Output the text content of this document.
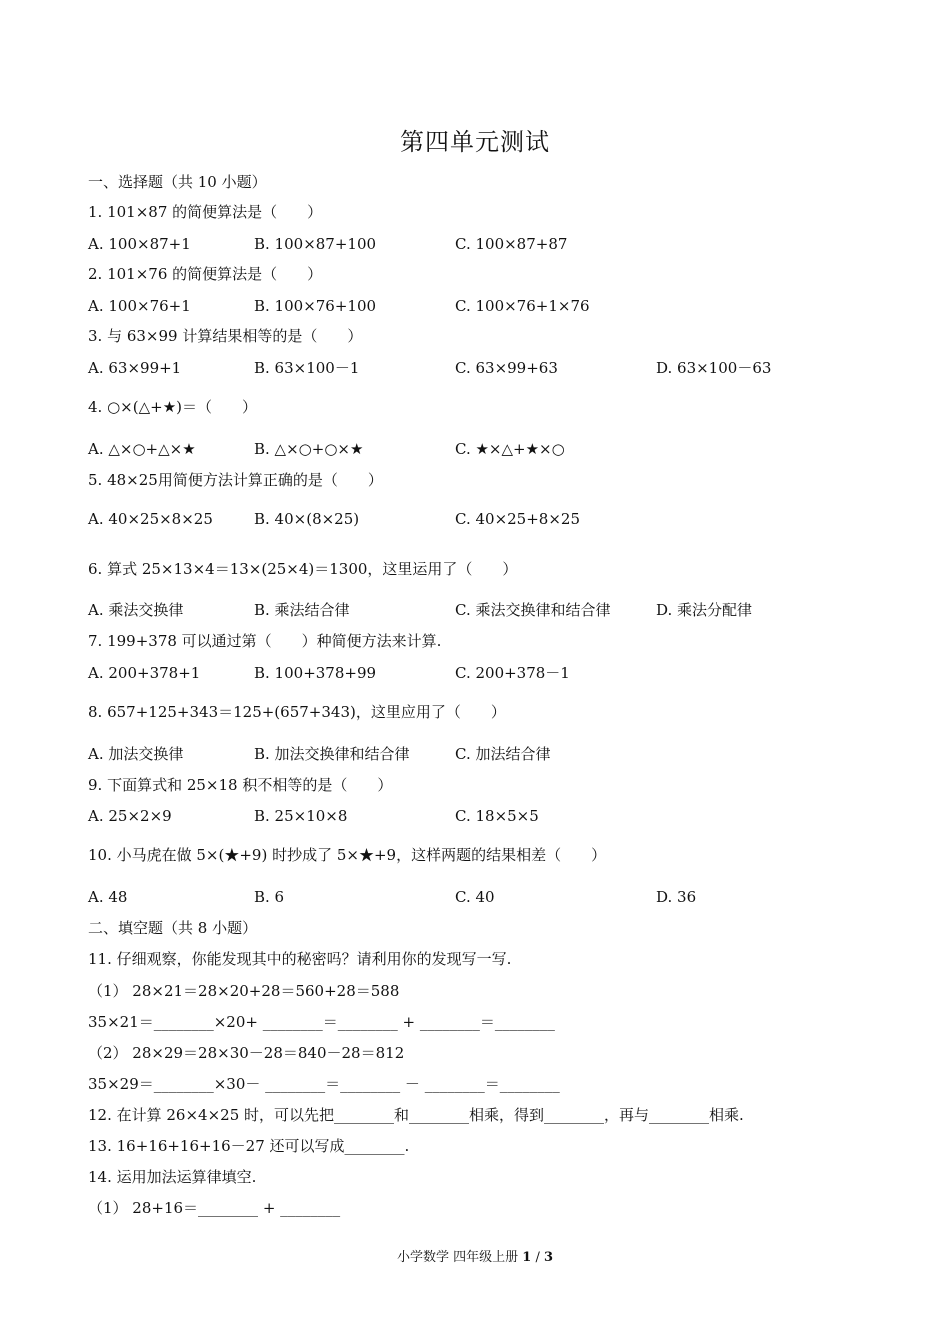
第四单元测试
一、选择题（共 10 小题）
1. 101×87 的简便算法是（　　）
A. 100×87+1	B. 100×87+100	C. 100×87+87
2. 101×76 的简便算法是（　　）
A. 100×76+1	B. 100×76+100	C. 100×76+1×76
3. 与 63×99 计算结果相等的是（　　）
A. 63×99+1	B. 63×100－1	C. 63×99+63	D. 63×100－63
4. ○×(△+★)＝（　　）
A. △×○+△×★	B. △×○+○×★	C. ★×△+★×○
5. 48×25用简便方法计算正确的是（　　）
A. 40×25×8×25	B. 40×(8×25)	C. 40×25+8×25
6. 算式 25×13×4＝13×(25×4)＝1300，这里运用了（　　）
A. 乘法交换律	B. 乘法结合律	C. 乘法交换律和结合律	D. 乘法分配律
7. 199+378 可以通过第（　　）种简便方法来计算.
A. 200+378+1	B. 100+378+99	C. 200+378－1
8. 657+125+343＝125+(657+343)，这里应用了（　　）
A. 加法交换律	B. 加法交换律和结合律	C. 加法结合律
9. 下面算式和 25×18 积不相等的是（　　）
A. 25×2×9	B. 25×10×8	C. 18×5×5
10. 小马虎在做 5×(★+9) 时抄成了 5×★+9，这样两题的结果相差（　　）
A. 48	B. 6	C. 40	D. 36
二、填空题（共 8 小题）
11. 仔细观察，你能发现其中的秘密吗？请利用你的发现写一写.
（1） 28×21＝28×20+28＝560+28＝588
35×21＝________×20+ ________＝________ + ________＝________
（2） 28×29＝28×30－28＝840－28＝812
35×29＝________×30－ ________＝________ － ________＝________
12. 在计算 26×4×25 时，可以先把________和________相乘，得到________，再与________相乘.
13. 16+16+16+16－27 还可以写成________.
14. 运用加法运算律填空.
（1） 28+16＝________ + ________
小学数学 四年级上册 1 / 3
